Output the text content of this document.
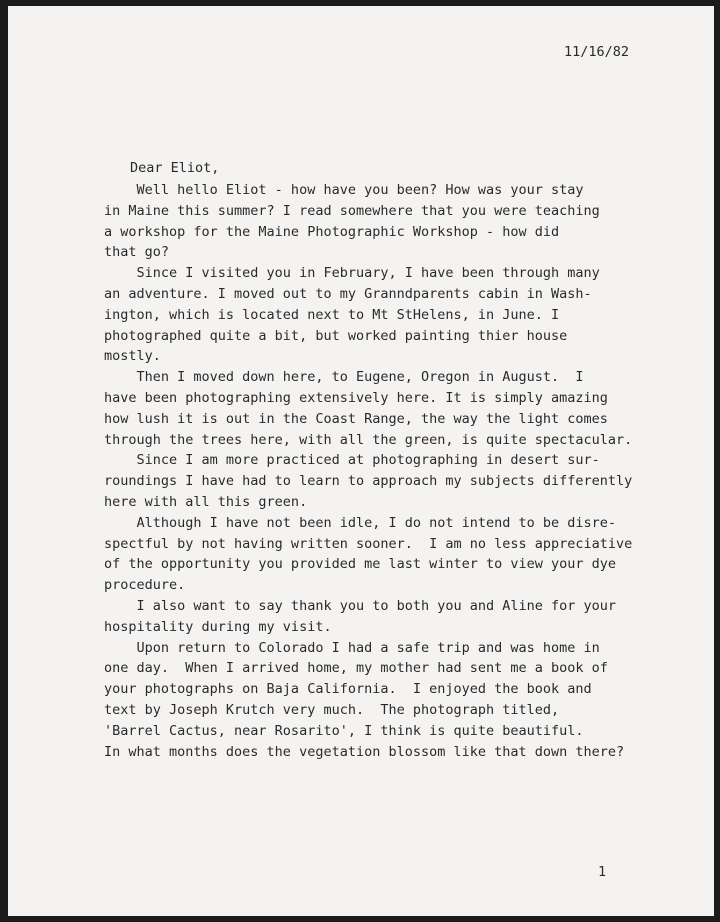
11/16/82
Dear Eliot,
Well hello Eliot - how have you been? How was your stay
in Maine this summer? I read somewhere that you were teaching
a workshop for the Maine Photographic Workshop - how did
that go?
Since I visited you in February, I have been through many
an adventure. I moved out to my Granndparents cabin in Wash-
ington, which is located next to Mt StHelens, in June. I
photographed quite a bit, but worked painting thier house
mostly.
Then I moved down here, to Eugene, Oregon in August.  I
have been photographing extensively here. It is simply amazing
how lush it is out in the Coast Range, the way the light comes
through the trees here, with all the green, is quite spectacular.
Since I am more practiced at photographing in desert sur-
roundings I have had to learn to approach my subjects differently
here with all this green.
Although I have not been idle, I do not intend to be disre-
spectful by not having written sooner.  I am no less appreciative
of the opportunity you provided me last winter to view your dye
procedure.
I also want to say thank you to both you and Aline for your
hospitality during my visit.
Upon return to Colorado I had a safe trip and was home in
one day.  When I arrived home, my mother had sent me a book of
your photographs on Baja California.  I enjoyed the book and
text by Joseph Krutch very much.  The photograph titled,
'Barrel Cactus, near Rosarito', I think is quite beautiful.
In what months does the vegetation blossom like that down there?
1
